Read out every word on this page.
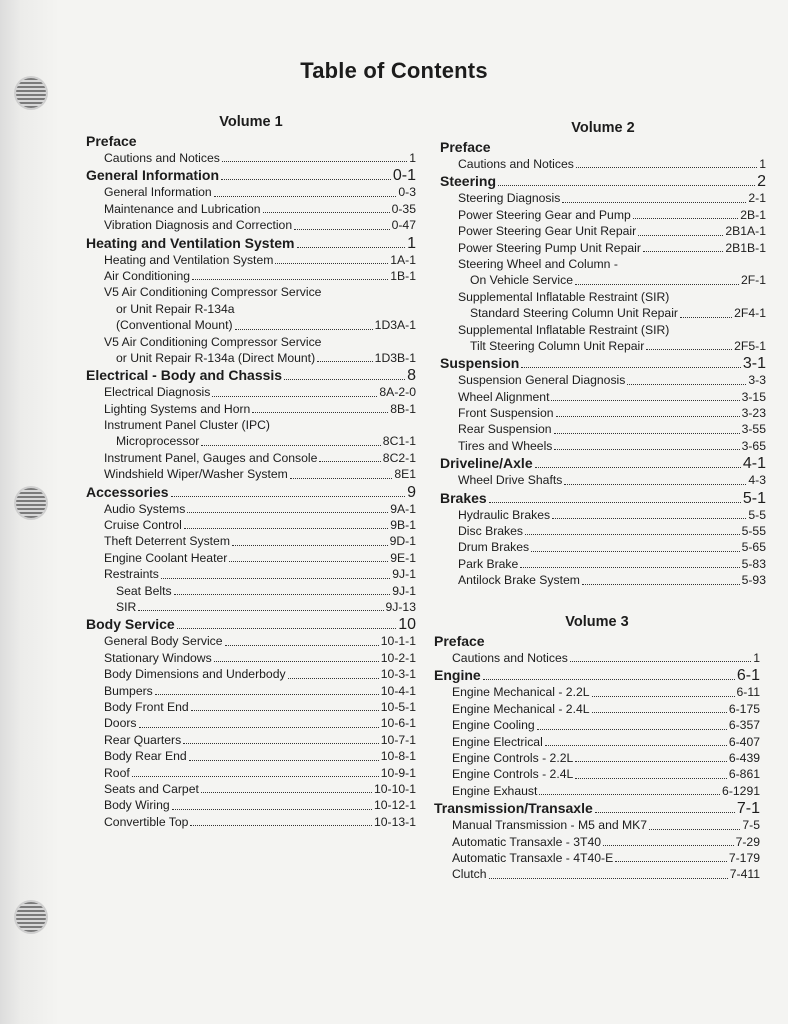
Table of Contents
Volume 1
Preface
Cautions and Notices	1
General Information	0-1
General Information	0-3
Maintenance and Lubrication	0-35
Vibration Diagnosis and Correction	0-47
Heating and Ventilation System	1
Heating and Ventilation System	1A-1
Air Conditioning	1B-1
V5 Air Conditioning Compressor Service
or Unit Repair R-134a
(Conventional Mount)	1D3A-1
V5 Air Conditioning Compressor Service
or Unit Repair R-134a (Direct Mount)	1D3B-1
Electrical - Body and Chassis	8
Electrical Diagnosis	8A-2-0
Lighting Systems and Horn	8B-1
Instrument Panel Cluster (IPC)
Microprocessor	8C1-1
Instrument Panel, Gauges and Console	8C2-1
Windshield Wiper/Washer System	8E1
Accessories	9
Audio Systems	9A-1
Cruise Control	9B-1
Theft Deterrent System	9D-1
Engine Coolant Heater	9E-1
Restraints	9J-1
Seat Belts	9J-1
SIR	9J-13
Body Service	10
General Body Service	10-1-1
Stationary Windows	10-2-1
Body Dimensions and Underbody	10-3-1
Bumpers	10-4-1
Body Front End	10-5-1
Doors	10-6-1
Rear Quarters	10-7-1
Body Rear End	10-8-1
Roof	10-9-1
Seats and Carpet	10-10-1
Body Wiring	10-12-1
Convertible Top	10-13-1
Volume 2
Preface
Cautions and Notices	1
Steering	2
Steering Diagnosis	2-1
Power Steering Gear and Pump	2B-1
Power Steering Gear Unit Repair	2B1A-1
Power Steering Pump Unit Repair	2B1B-1
Steering Wheel and Column -
On Vehicle Service	2F-1
Supplemental Inflatable Restraint (SIR)
Standard Steering Column Unit Repair	2F4-1
Supplemental Inflatable Restraint (SIR)
Tilt Steering Column Unit Repair	2F5-1
Suspension	3-1
Suspension General Diagnosis	3-3
Wheel Alignment	3-15
Front Suspension	3-23
Rear Suspension	3-55
Tires and Wheels	3-65
Driveline/Axle	4-1
Wheel Drive Shafts	4-3
Brakes	5-1
Hydraulic Brakes	5-5
Disc Brakes	5-55
Drum Brakes	5-65
Park Brake	5-83
Antilock Brake System	5-93
Volume 3
Preface
Cautions and Notices	1
Engine	6-1
Engine Mechanical - 2.2L	6-11
Engine Mechanical - 2.4L	6-175
Engine Cooling	6-357
Engine Electrical	6-407
Engine Controls - 2.2L	6-439
Engine Controls - 2.4L	6-861
Engine Exhaust	6-1291
Transmission/Transaxle	7-1
Manual Transmission - M5 and MK7	7-5
Automatic Transaxle - 3T40	7-29
Automatic Transaxle - 4T40-E	7-179
Clutch	7-411
